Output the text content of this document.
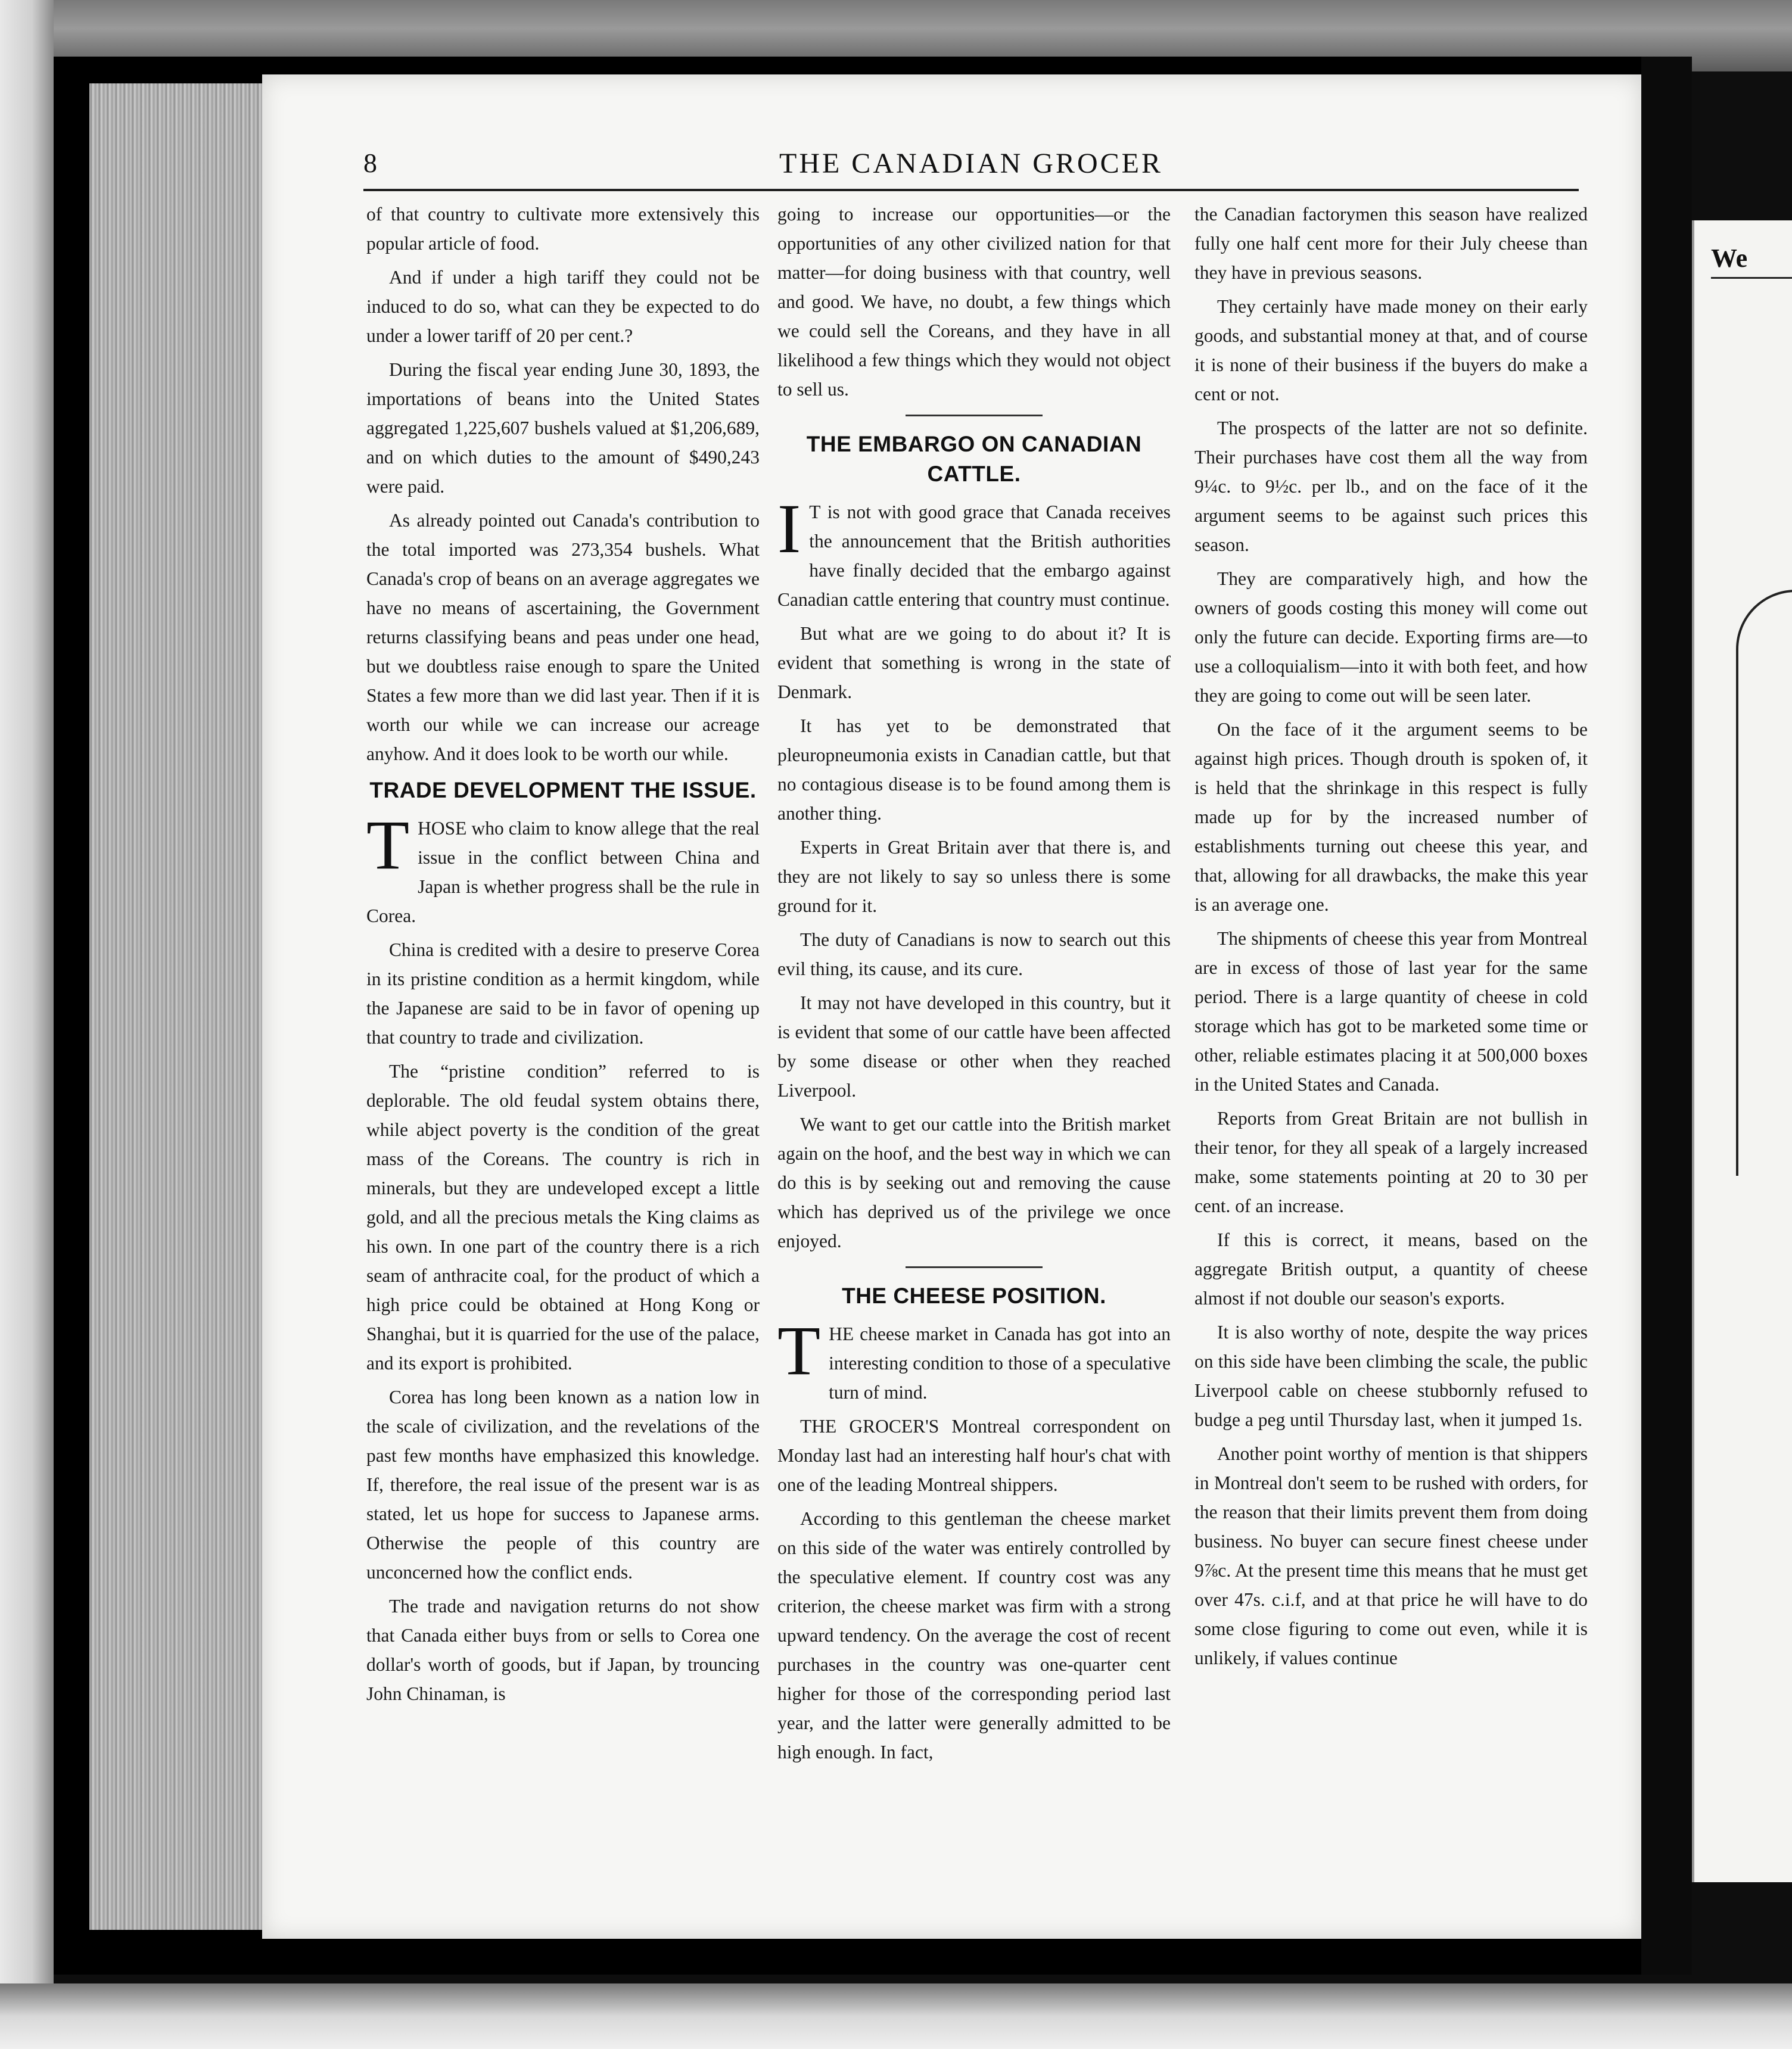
We
8	THE CANADIAN GROCER

of that country to cultivate more extensively this popular article of food.

And if under a high tariff they could not be induced to do so, what can they be expected to do under a lower tariff of 20 per cent.?

During the fiscal year ending June 30, 1893, the importations of beans into the United States aggregated 1,225,607 bushels valued at $1,206,689, and on which duties to the amount of $490,243 were paid.

As already pointed out Canada's contribution to the total imported was 273,354 bushels. What Canada's crop of beans on an average aggregates we have no means of ascertaining, the Government returns classifying beans and peas under one head, but we doubtless raise enough to spare the United States a few more than we did last year. Then if it is worth our while we can increase our acreage anyhow. And it does look to be worth our while.

TRADE DEVELOPMENT THE ISSUE.

THOSE who claim to know allege that the real issue in the conflict between China and Japan is whether progress shall be the rule in Corea.

China is credited with a desire to preserve Corea in its pristine condition as a hermit kingdom, while the Japanese are said to be in favor of opening up that country to trade and civilization.

The “pristine condition” referred to is deplorable. The old feudal system obtains there, while abject poverty is the condition of the great mass of the Coreans. The country is rich in minerals, but they are undeveloped except a little gold, and all the precious metals the King claims as his own. In one part of the country there is a rich seam of anthracite coal, for the product of which a high price could be obtained at Hong Kong or Shanghai, but it is quarried for the use of the palace, and its export is prohibited.

Corea has long been known as a nation low in the scale of civilization, and the revelations of the past few months have emphasized this knowledge. If, therefore, the real issue of the present war is as stated, let us hope for success to Japanese arms. Otherwise the people of this country are unconcerned how the conflict ends.

The trade and navigation returns do not show that Canada either buys from or sells to Corea one dollar's worth of goods, but if Japan, by trouncing John Chinaman, is

going to increase our opportunities—or the opportunities of any other civilized nation for that matter—for doing business with that country, well and good. We have, no doubt, a few things which we could sell the Coreans, and they have in all likelihood a few things which they would not object to sell us.

THE EMBARGO ON CANADIAN CATTLE.

I T is not with good grace that Canada receives the announcement that the British authorities have finally decided that the embargo against Canadian cattle entering that country must continue.

But what are we going to do about it? It is evident that something is wrong in the state of Denmark.

It has yet to be demonstrated that pleuropneumonia exists in Canadian cattle, but that no contagious disease is to be found among them is another thing.

Experts in Great Britain aver that there is, and they are not likely to say so unless there is some ground for it.

The duty of Canadians is now to search out this evil thing, its cause, and its cure.

It may not have developed in this country, but it is evident that some of our cattle have been affected by some disease or other when they reached Liverpool.

We want to get our cattle into the British market again on the hoof, and the best way in which we can do this is by seeking out and removing the cause which has deprived us of the privilege we once enjoyed.

THE CHEESE POSITION.

THE cheese market in Canada has got into an interesting condition to those of a speculative turn of mind.

THE GROCER'S Montreal correspondent on Monday last had an interesting half hour's chat with one of the leading Montreal shippers.

According to this gentleman the cheese market on this side of the water was entirely controlled by the speculative element. If country cost was any criterion, the cheese market was firm with a strong upward tendency. On the average the cost of recent purchases in the country was one-quarter cent higher for those of the corresponding period last year, and the latter were generally admitted to be high enough. In fact,

the Canadian factorymen this season have realized fully one half cent more for their July cheese than they have in previous seasons.

They certainly have made money on their early goods, and substantial money at that, and of course it is none of their business if the buyers do make a cent or not.

The prospects of the latter are not so definite. Their purchases have cost them all the way from 9¼c. to 9½c. per lb., and on the face of it the argument seems to be against such prices this season.

They are comparatively high, and how the owners of goods costing this money will come out only the future can decide. Exporting firms are—to use a colloquialism—into it with both feet, and how they are going to come out will be seen later.

On the face of it the argument seems to be against high prices. Though drouth is spoken of, it is held that the shrinkage in this respect is fully made up for by the increased number of establishments turning out cheese this year, and that, allowing for all drawbacks, the make this year is an average one.

The shipments of cheese this year from Montreal are in excess of those of last year for the same period. There is a large quantity of cheese in cold storage which has got to be marketed some time or other, reliable estimates placing it at 500,000 boxes in the United States and Canada.

Reports from Great Britain are not bullish in their tenor, for they all speak of a largely increased make, some statements pointing at 20 to 30 per cent. of an increase.

If this is correct, it means, based on the aggregate British output, a quantity of cheese almost if not double our season's exports.

It is also worthy of note, despite the way prices on this side have been climbing the scale, the public Liverpool cable on cheese stubbornly refused to budge a peg until Thursday last, when it jumped 1s.

Another point worthy of mention is that shippers in Montreal don't seem to be rushed with orders, for the reason that their limits prevent them from doing business. No buyer can secure finest cheese under 9⅞c. At the present time this means that he must get over 47s. c.i.f, and at that price he will have to do some close figuring to come out even, while it is unlikely, if values continue
